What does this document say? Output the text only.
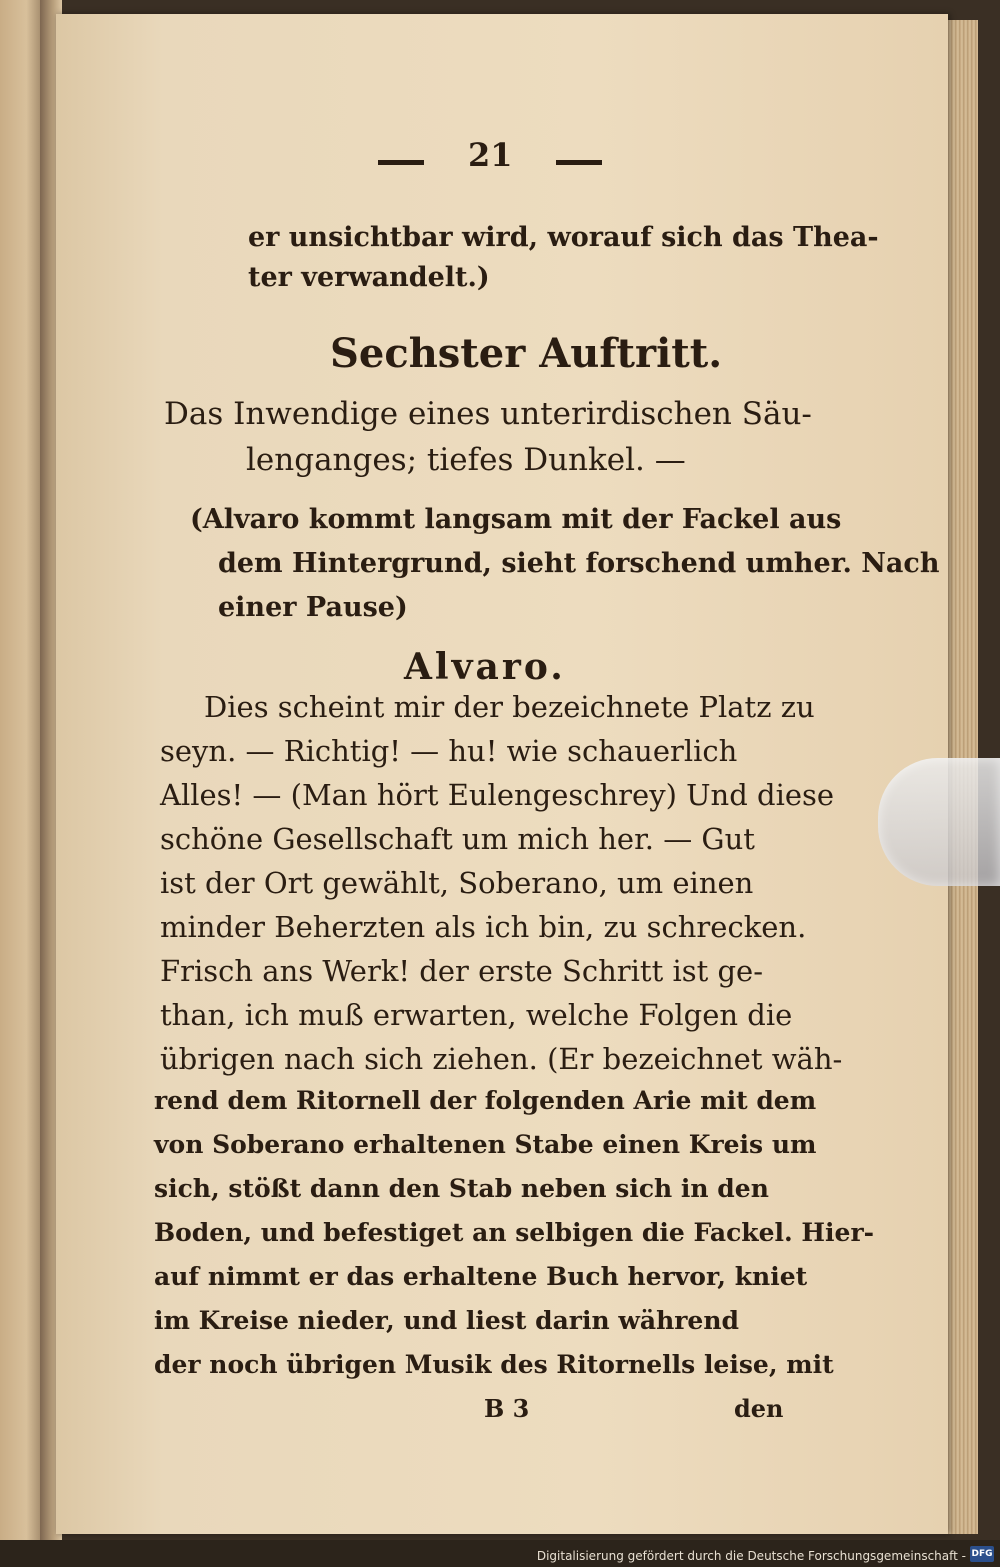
21
er unsichtbar wird, worauf sich das Thea-
ter verwandelt.)
Sechster Auftritt.
Das Inwendige eines unterirdischen Säu-
lenganges; tiefes Dunkel. —
(Alvaro kommt langsam mit der Fackel aus
dem Hintergrund, sieht forschend umher. Nach
einer Pause)
Alvaro.
Dies scheint mir der bezeichnete Platz zu
seyn. — Richtig! — hu! wie schauerlich
Alles! — (Man hört Eulengeschrey) Und diese
schöne Gesellschaft um mich her. — Gut
ist der Ort gewählt, Soberano, um einen
minder Beherzten als ich bin, zu schrecken.
Frisch ans Werk! der erste Schritt ist ge-
than, ich muß erwarten, welche Folgen die
übrigen nach sich ziehen. (Er bezeichnet wäh-
rend dem Ritornell der folgenden Arie mit dem
von Soberano erhaltenen Stabe einen Kreis um
sich, stößt dann den Stab neben sich in den
Boden, und befestiget an selbigen die Fackel. Hier-
auf nimmt er das erhaltene Buch hervor, kniet
im Kreise nieder, und liest darin während
der noch übrigen Musik des Ritornells leise, mit
B 3	den
Digitalisierung gefördert durch die Deutsche Forschungsgemeinschaft - DFG
